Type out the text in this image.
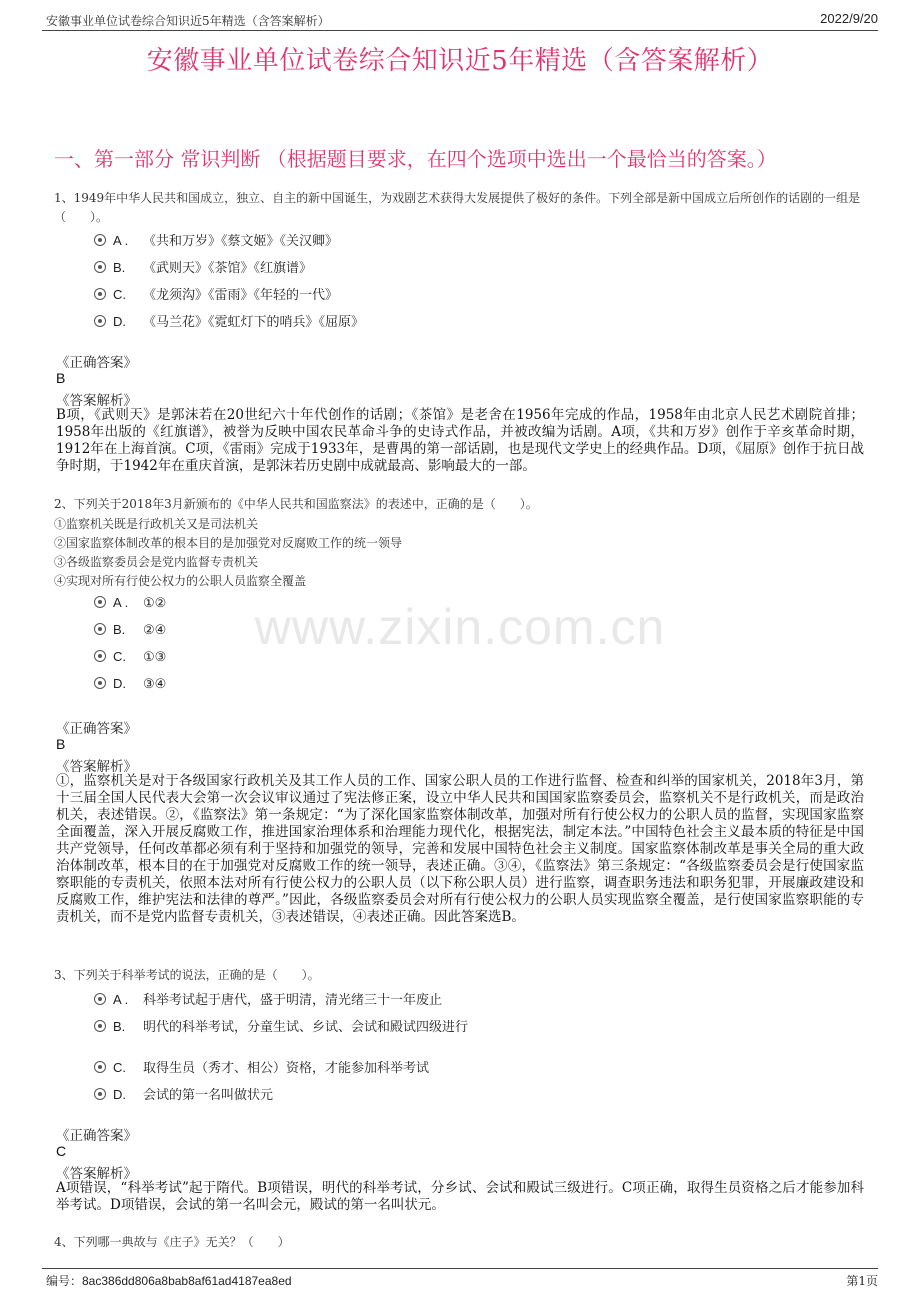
安徽事业单位试卷综合知识近5年精选（含答案解析）	2022/9/20
安徽事业单位试卷综合知识近5年精选（含答案解析）
一、第一部分 常识判断 （根据题目要求，在四个选项中选出一个最恰当的答案。）
www.zixin.com.cn
1、1949年中华人民共和国成立，独立、自主的新中国诞生，为戏剧艺术获得大发展提供了极好的条件。下列全部是新中国成立后所创作的话剧的一组是（　　）。
A . 《共和万岁》《蔡文姬》《关汉卿》
B. 《武则天》《茶馆》《红旗谱》
C. 《龙须沟》《雷雨》《年轻的一代》
D. 《马兰花》《霓虹灯下的哨兵》《屈原》
《正确答案》
B
《答案解析》
B项，《武则天》是郭沫若在20世纪六十年代创作的话剧；《茶馆》是老舍在1956年完成的作品，1958年由北京人民艺术剧院首排；1958年出版的《红旗谱》，被誉为反映中国农民革命斗争的史诗式作品，并被改编为话剧。A项，《共和万岁》创作于辛亥革命时期，1912年在上海首演。C项，《雷雨》完成于1933年，是曹禺的第一部话剧，也是现代文学史上的经典作品。D项，《屈原》创作于抗日战争时期，于1942年在重庆首演，是郭沫若历史剧中成就最高、影响最大的一部。
2、下列关于2018年3月新颁布的《中华人民共和国监察法》的表述中，正确的是（　　）。
①监察机关既是行政机关又是司法机关
②国家监察体制改革的根本目的是加强党对反腐败工作的统一领导
③各级监察委员会是党内监督专责机关
④实现对所有行使公权力的公职人员监察全覆盖
A . ①②
B. ②④
C. ①③
D. ③④
《正确答案》
B
《答案解析》
①，监察机关是对于各级国家行政机关及其工作人员的工作、国家公职人员的工作进行监督、检查和纠举的国家机关，2018年3月，第十三届全国人民代表大会第一次会议审议通过了宪法修正案，设立中华人民共和国国家监察委员会，监察机关不是行政机关，而是政治机关，表述错误。②，《监察法》第一条规定：“为了深化国家监察体制改革，加强对所有行使公权力的公职人员的监督，实现国家监察全面覆盖，深入开展反腐败工作，推进国家治理体系和治理能力现代化，根据宪法，制定本法。”中国特色社会主义最本质的特征是中国共产党领导，任何改革都必须有利于坚持和加强党的领导，完善和发展中国特色社会主义制度。国家监察体制改革是事关全局的重大政治体制改革，根本目的在于加强党对反腐败工作的统一领导，表述正确。③④，《监察法》第三条规定：“各级监察委员会是行使国家监察职能的专责机关，依照本法对所有行使公权力的公职人员（以下称公职人员）进行监察，调查职务违法和职务犯罪，开展廉政建设和反腐败工作，维护宪法和法律的尊严。”因此，各级监察委员会对所有行使公权力的公职人员实现监察全覆盖，是行使国家监察职能的专责机关，而不是党内监督专责机关，③表述错误，④表述正确。因此答案选B。
3、下列关于科举考试的说法，正确的是（　　）。
A . 科举考试起于唐代，盛于明清，清光绪三十一年废止
B. 明代的科举考试，分童生试、乡试、会试和殿试四级进行
C. 取得生员（秀才、相公）资格，才能参加科举考试
D. 会试的第一名叫做状元
《正确答案》
C
《答案解析》
A项错误，“科举考试”起于隋代。B项错误，明代的科举考试，分乡试、会试和殿试三级进行。C项正确，取得生员资格之后才能参加科举考试。D项错误，会试的第一名叫会元，殿试的第一名叫状元。
4、下列哪一典故与《庄子》无关？（　　）
编号：8ac386dd806a8bab8af61ad4187ea8ed	第1页
